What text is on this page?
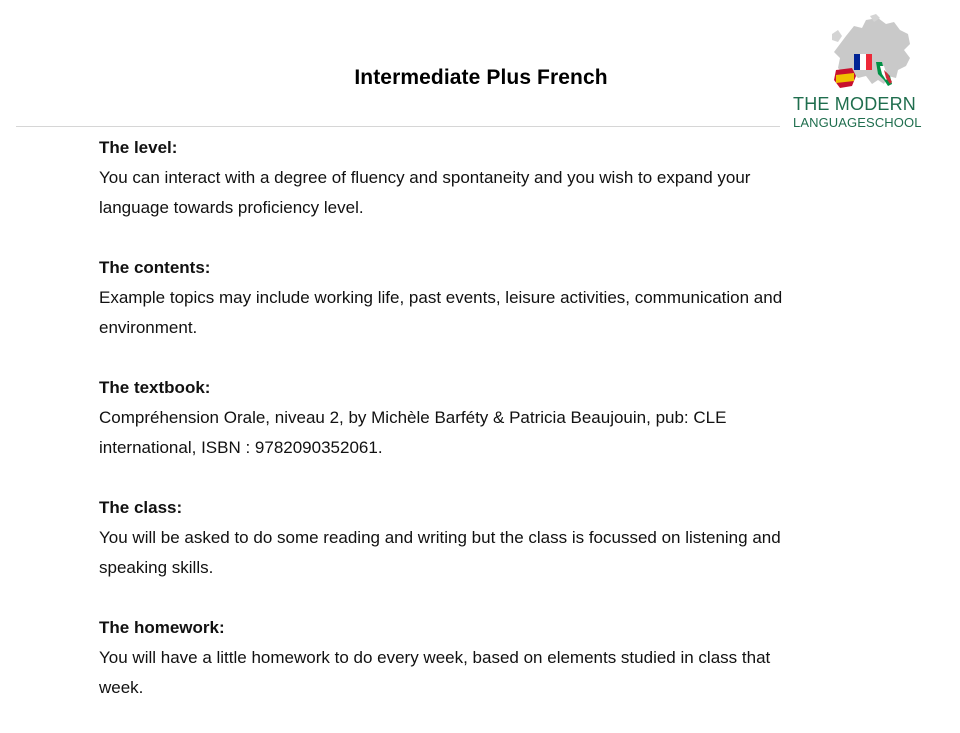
Intermediate Plus French
THE MODERN
LANGUAGESCHOOL
The level:
You can interact with a degree of fluency and spontaneity and you wish to expand your
language towards proficiency level.
The contents:
Example topics may include working life, past events, leisure activities, communication and
environment.
The textbook:
Compréhension Orale, niveau 2, by Michèle Barféty & Patricia Beaujouin, pub: CLE
international, ISBN : 9782090352061.
The class:
You will be asked to do some reading and writing but the class is focussed on listening and
speaking skills.
The homework:
You will have a little homework to do every week, based on elements studied in class that
week.
